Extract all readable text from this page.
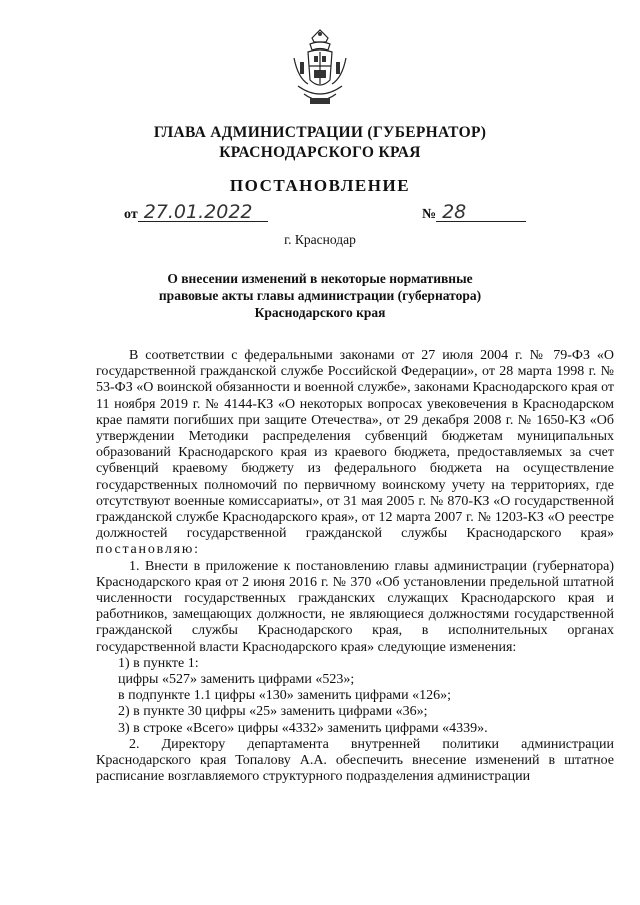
ГЛАВА АДМИНИСТРАЦИИ (ГУБЕРНАТОР)
КРАСНОДАРСКОГО КРАЯ
ПОСТАНОВЛЕНИЕ
от 27.01.2022	№ 28
г. Краснодар
О внесении изменений в некоторые нормативные
правовые акты главы администрации (губернатора)
Краснодарского края

В соответствии с федеральными законами от 27 июля 2004 г. № 79-ФЗ «О государственной гражданской службе Российской Федерации», от 28 марта 1998 г. № 53-ФЗ «О воинской обязанности и военной службе», законами Краснодарского края от 11 ноября 2019 г. № 4144-КЗ «О некоторых вопросах увековечения в Краснодарском крае памяти погибших при защите Отечества», от 29 декабря 2008 г. № 1650-КЗ «Об утверждении Методики распределения субвенций бюджетам муниципальных образований Краснодарского края из краевого бюджета, предоставляемых за счет субвенций краевому бюджету из федерального бюджета на осуществление государственных полномочий по первичному воинскому учету на территориях, где отсутствуют военные комиссариаты», от 31 мая 2005 г. № 870-КЗ «О государственной гражданской службе Краснодарского края», от 12 марта 2007 г. № 1203-КЗ «О реестре должностей государственной гражданской службы Краснодарского края» постановляю:

1. Внести в приложение к постановлению главы администрации (губернатора) Краснодарского края от 2 июня 2016 г. № 370 «Об установлении предельной штатной численности государственных гражданских служащих Краснодарского края и работников, замещающих должности, не являющиеся должностями государственной гражданской службы Краснодарского края, в исполнительных органах государственной власти Краснодарского края» следующие изменения:

1) в пункте 1:

цифры «527» заменить цифрами «523»;

в подпункте 1.1 цифры «130» заменить цифрами «126»;

2) в пункте 30 цифры «25» заменить цифрами «36»;

3) в строке «Всего» цифры «4332» заменить цифрами «4339».

2. Директору департамента внутренней политики администрации Краснодарского края Топалову А.А. обеспечить внесение изменений в штатное расписание возглавляемого структурного подразделения администрации
